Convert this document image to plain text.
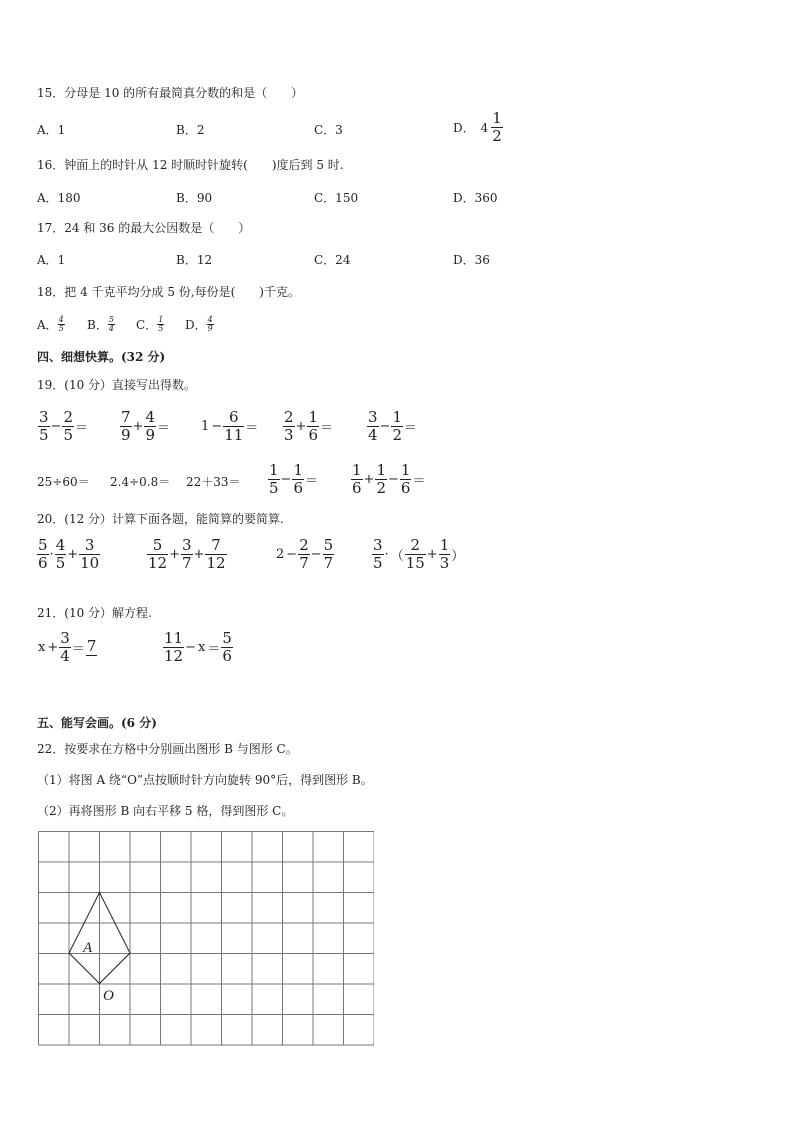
15．分母是 10 的所有最简真分数的和是（　　）
A．1	B．2	C．3	D． $4 \frac{1}{2}$
16．钟面上的时针从 12 时顺时针旋转(　　)度后到 5 时.
A．180	B．90	C．150	D．360
17．24 和 36 的最大公因数是（　　）
A．1	B．12	C．24	D．36
18．把 4 千克平均分成 5 份,每份是(　　)千克。
A． $\frac{4}{5}$ B． $\frac{5}{4}$ C． $\frac{1}{5}$ D． $\frac{4}{9}$
四、细想快算。(32 分)
19．(10 分）直接写出得数。
$\frac{3}{5} - \frac{2}{5} = \frac{7}{9} + \frac{4}{9} = 1 - \frac{6}{11} = \frac{2}{3} + \frac{1}{6} = \frac{3}{4} - \frac{1}{2}$ ＝
$25\div 60= 2.4\div 0.8= 22+33= \frac{1}{5} - \frac{1}{6} = \frac{1}{6} + \frac{1}{2} - \frac{1}{6}$ ＝
20．(12 分）计算下面各题，能简算的要简算.
$\frac{5}{6} \cdot \frac{4}{5} + \frac{3}{10}$	$\frac{5}{12} + \frac{3}{7} + \frac{7}{12}$	$2 - \frac{2}{7} - \frac{5}{7}$	$\frac{3}{5}$ · （ $\frac{2}{15} + \frac{1}{3}$ ）
21．(10 分）解方程.
$x + \frac{3}{4} = 7$	$\frac{11}{12} - x = \frac{5}{6}$
五、能写会画。(6 分)
22．按要求在方格中分别画出图形 B 与图形 C。
（1）将图 A 绕“O”点按顺时针方向旋转 90°后，得到图形 B。
（2）再将图形 B 向右平移 5 格，得到图形 C。
A
O
